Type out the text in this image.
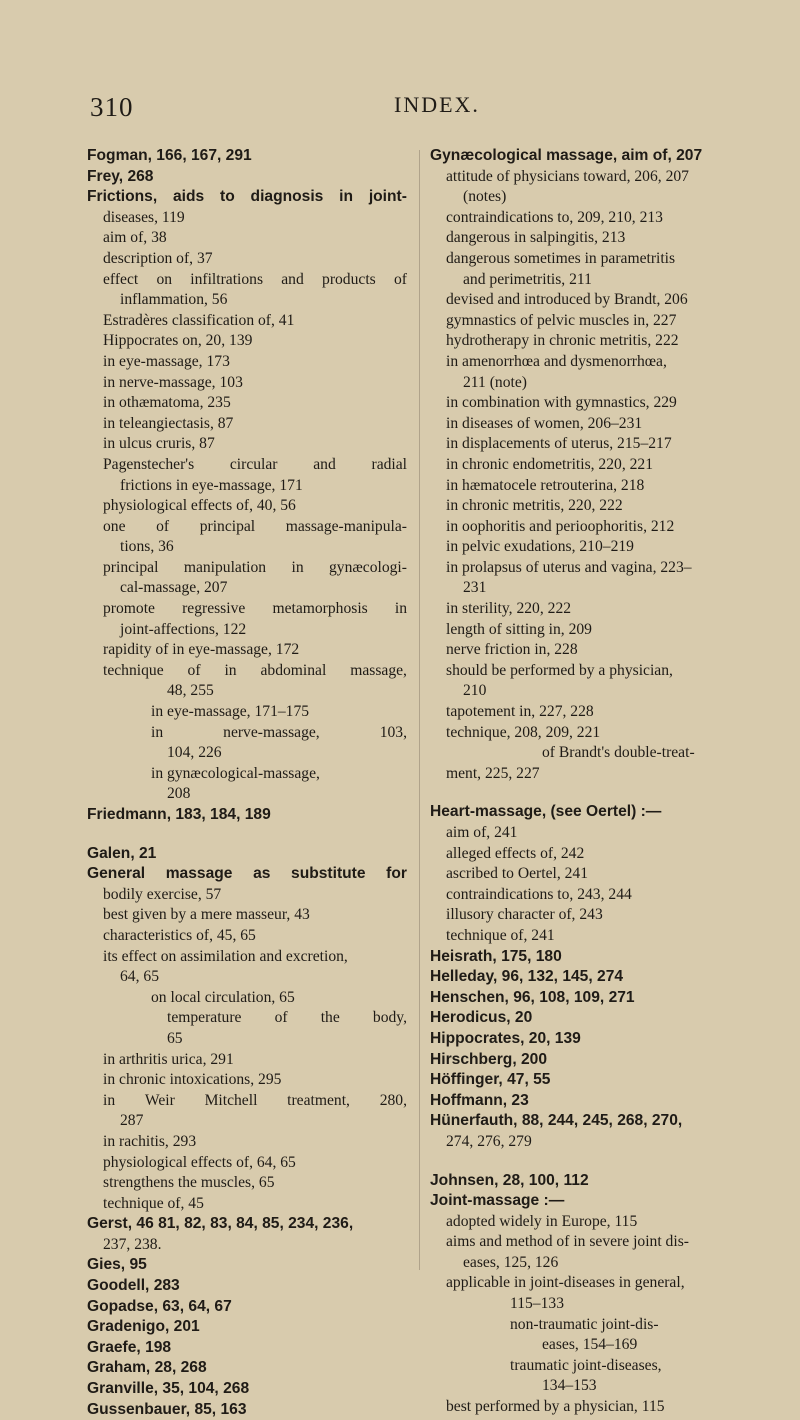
310	INDEX.
Fogman, 166, 167, 291
Frey, 268
Frictions, aids to diagnosis in joint-
diseases, 119
aim of, 38
description of, 37
effect on infiltrations and products of
inflammation, 56
Estradères classification of, 41
Hippocrates on, 20, 139
in eye-massage, 173
in nerve-massage, 103
in othæmatoma, 235
in teleangiectasis, 87
in ulcus cruris, 87
Pagenstecher's circular and radial
frictions in eye-massage, 171
physiological effects of, 40, 56
one of principal massage-manipula-
tions, 36
principal manipulation in gynæcologi-
cal-massage, 207
promote regressive metamorphosis in
joint-affections, 122
rapidity of in eye-massage, 172
technique of in abdominal massage,
48, 255
in eye-massage, 171–175
in	nerve-massage,	103,
104, 226
in gynæcological-massage,
208
Friedmann, 183, 184, 189
Galen, 21
General massage as substitute for
bodily exercise, 57
best given by a mere masseur, 43
characteristics of, 45, 65
its effect on assimilation and excretion,
64, 65
on local circulation, 65
temperature of the body,
65
in arthritis urica, 291
in chronic intoxications, 295
in Weir Mitchell treatment, 280,
287
in rachitis, 293
physiological effects of, 64, 65
strengthens the muscles, 65
technique of, 45
Gerst, 46 81, 82, 83, 84, 85, 234, 236,
237, 238.
Gies, 95
Goodell, 283
Gopadse, 63, 64, 67
Gradenigo, 201
Graefe, 198
Graham, 28, 268
Granville, 35, 104, 268
Gussenbauer, 85, 163
Gynæcological massage, aim of, 207
attitude of physicians toward, 206, 207
(notes)
contraindications to, 209, 210, 213
dangerous in salpingitis, 213
dangerous sometimes in parametritis
and perimetritis, 211
devised and introduced by Brandt, 206
gymnastics of pelvic muscles in, 227
hydrotherapy in chronic metritis, 222
in amenorrhœa and dysmenorrhœa,
211 (note)
in combination with gymnastics, 229
in diseases of women, 206–231
in displacements of uterus, 215–217
in chronic endometritis, 220, 221
in hæmatocele retrouterina, 218
in chronic metritis, 220, 222
in oophoritis and perioophoritis, 212
in pelvic exudations, 210–219
in prolapsus of uterus and vagina, 223–
231
in sterility, 220, 222
length of sitting in, 209
nerve friction in, 228
should be performed by a physician,
210
tapotement in, 227, 228
technique, 208, 209, 221
of Brandt's double-treat-
ment, 225, 227
Heart-massage, (see Oertel) :—
aim of, 241
alleged effects of, 242
ascribed to Oertel, 241
contraindications to, 243, 244
illusory character of, 243
technique of, 241
Heisrath, 175, 180
Helleday, 96, 132, 145, 274
Henschen, 96, 108, 109, 271
Herodicus, 20
Hippocrates, 20, 139
Hirschberg, 200
Höffinger, 47, 55
Hoffmann, 23
Hünerfauth, 88, 244, 245, 268, 270,
274, 276, 279
Johnsen, 28, 100, 112
Joint-massage :—
adopted widely in Europe, 115
aims and method of in severe joint dis-
eases, 125, 126
applicable in joint-diseases in general,
115–133
non-traumatic joint-dis-
eases, 154–169
traumatic joint-diseases,
134–153
best performed by a physician, 115
